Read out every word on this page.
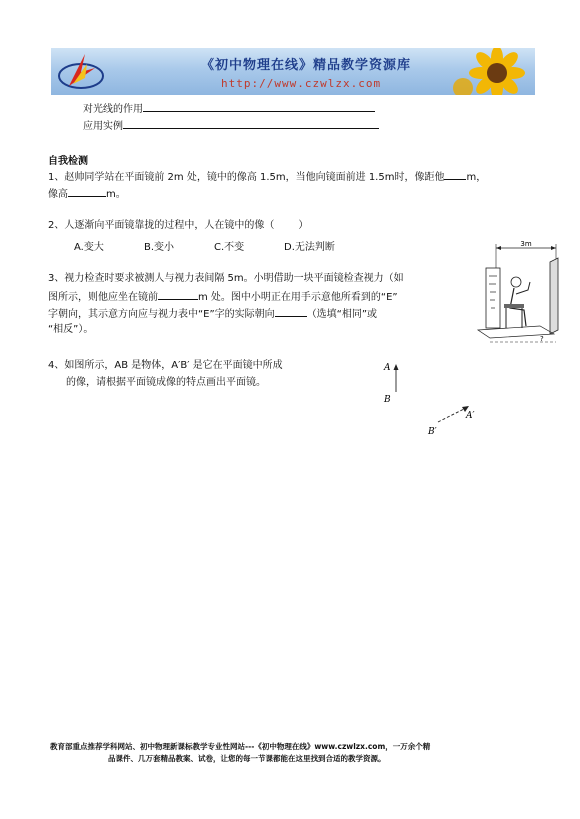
《初中物理在线》精品教学资源库
http://www.czwlzx.com
对光线的作用
应用实例
自我检测
1、赵帅同学站在平面镜前 2m 处，镜中的像高 1.5m，当他向镜面前进 1.5m时，像距他 m，
像高	m。
2、人逐渐向平面镜靠拢的过程中，人在镜中的像（ ）
A.变大	B.变小	C.不变	D.无法判断
3、视力检查时要求被测人与视力表间隔 5m。小明借助一块平面镜检查视力（如
图所示，则他应坐在镜前	m 处。图中小明正在用手示意他所看到的“E”
字朝向，其示意方向应与视力表中“E”字的实际朝向	（选填“相同”或
“相反”）。
3m
?
4、如图所示，AB 是物体，A′B′ 是它在平面镜中所成
的像，请根据平面镜成像的特点画出平面镜。
A
B
A′
B′
教育部重点推荐学科网站、初中物理新课标教学专业性网站---《初中物理在线》www.czwlzx.com，一万余个精
品课件、几万套精品教案、试卷，让您的每一节课都能在这里找到合适的教学资源。
